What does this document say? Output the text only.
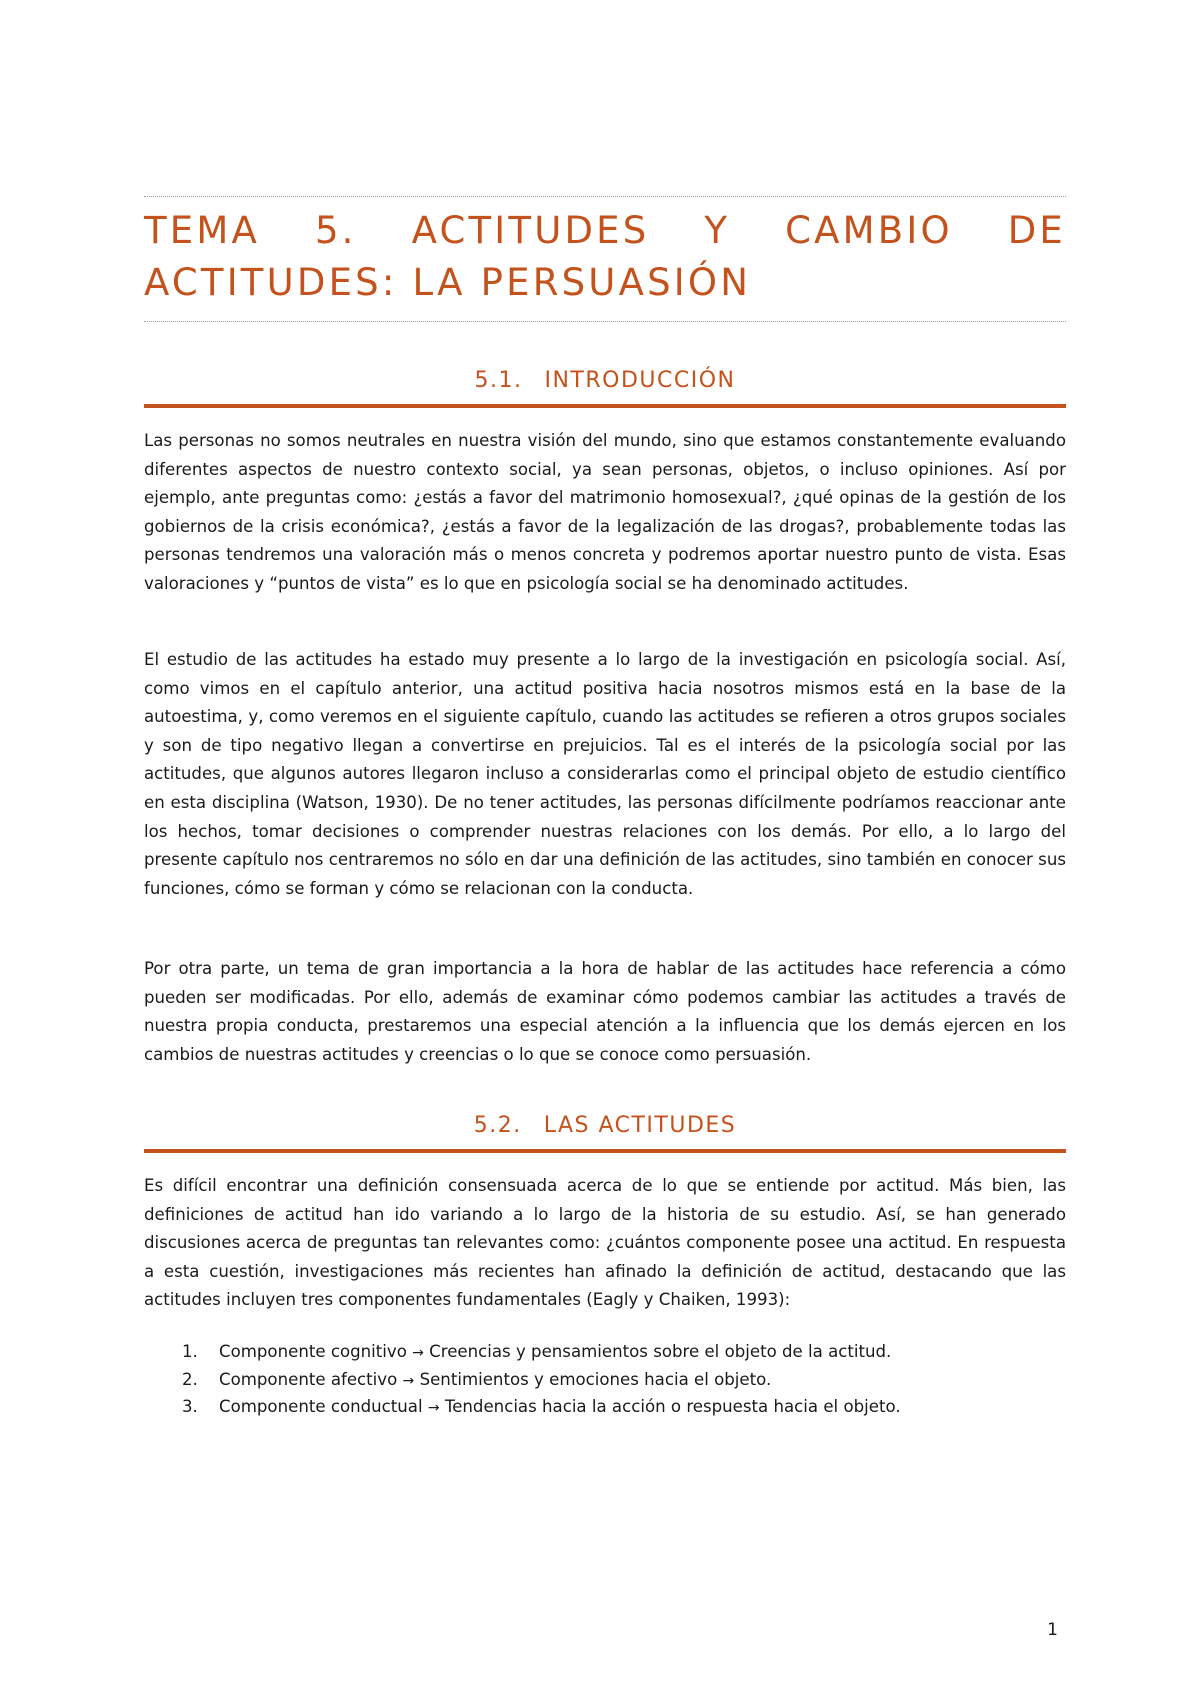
TEMA 5. ACTITUDES Y CAMBIO DE ACTITUDES: LA PERSUASIÓN
5.1. INTRODUCCIÓN

Las personas no somos neutrales en nuestra visión del mundo, sino que estamos constantemente evaluando diferentes aspectos de nuestro contexto social, ya sean personas, objetos, o incluso opiniones. Así por ejemplo, ante preguntas como: ¿estás a favor del matrimonio homosexual?, ¿qué opinas de la gestión de los gobiernos de la crisis económica?, ¿estás a favor de la legalización de las drogas?, probablemente todas las personas tendremos una valoración más o menos concreta y podremos aportar nuestro punto de vista. Esas valoraciones y “puntos de vista” es lo que en psicología social se ha denominado actitudes.

El estudio de las actitudes ha estado muy presente a lo largo de la investigación en psicología social. Así, como vimos en el capítulo anterior, una actitud positiva hacia nosotros mismos está en la base de la autoestima, y, como veremos en el siguiente capítulo, cuando las actitudes se refieren a otros grupos sociales y son de tipo negativo llegan a convertirse en prejuicios. Tal es el interés de la psicología social por las actitudes, que algunos autores llegaron incluso a considerarlas como el principal objeto de estudio científico en esta disciplina (Watson, 1930). De no tener actitudes, las personas difícilmente podríamos reaccionar ante los hechos, tomar decisiones o comprender nuestras relaciones con los demás. Por ello, a lo largo del presente capítulo nos centraremos no sólo en dar una definición de las actitudes, sino también en conocer sus funciones, cómo se forman y cómo se relacionan con la conducta.

Por otra parte, un tema de gran importancia a la hora de hablar de las actitudes hace referencia a cómo pueden ser modificadas. Por ello, además de examinar cómo podemos cambiar las actitudes a través de nuestra propia conducta, prestaremos una especial atención a la influencia que los demás ejercen en los cambios de nuestras actitudes y creencias o lo que se conoce como persuasión.

5.2. LAS ACTITUDES

Es difícil encontrar una definición consensuada acerca de lo que se entiende por actitud. Más bien, las definiciones de actitud han ido variando a lo largo de la historia de su estudio. Así, se han generado discusiones acerca de preguntas tan relevantes como: ¿cuántos componente posee una actitud. En respuesta a esta cuestión, investigaciones más recientes han afinado la definición de actitud, destacando que las actitudes incluyen tres componentes fundamentales (Eagly y Chaiken, 1993):

1. Componente cognitivo → Creencias y pensamientos sobre el objeto de la actitud.
2. Componente afectivo → Sentimientos y emociones hacia el objeto.
3. Componente conductual → Tendencias hacia la acción o respuesta hacia el objeto.
1
